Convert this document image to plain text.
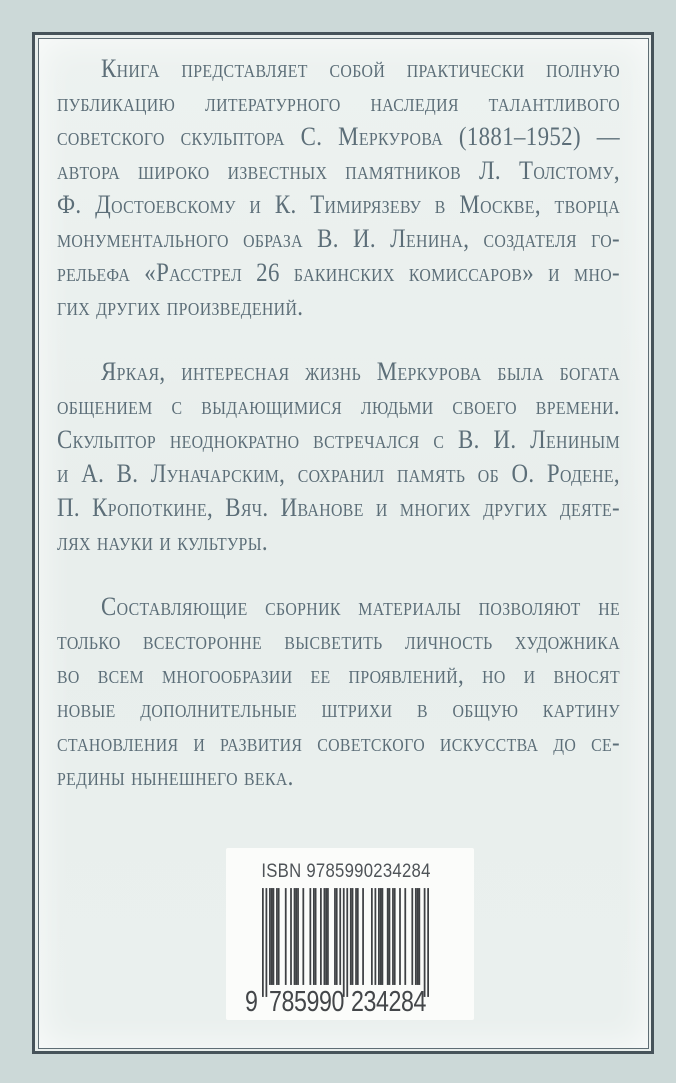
Книга представляет собой практически полную
публикацию литературного наследия талантливого
советского скульптора С. Меркурова (1881–1952) —
автора широко известных памятников Л. Толстому,
Ф. Достоевскому и К. Тимирязеву в Москве, творца
монументального образа В. И. Ленина, создателя го-
рельефа «Расстрел 26 бакинских комиссаров» и мно-
гих других произведений.
Яркая, интересная жизнь Меркурова была богата
общением с выдающимися людьми своего времени.
Скульптор неоднократно встречался с В. И. Лениным
и А. В. Луначарским, сохранил память об О. Родене,
П. Кропоткине, Вяч. Иванове и многих других деяте-
лях науки и культуры.
Составляющие сборник материалы позволяют не
только всесторонне высветить личность художника
во всем многообразии ее проявлений, но и вносят
новые дополнительные штрихи в общую картину
становления и развития советского искусства до се-
редины нынешнего века.
ISBN 9785990234284
9 785990 234284
